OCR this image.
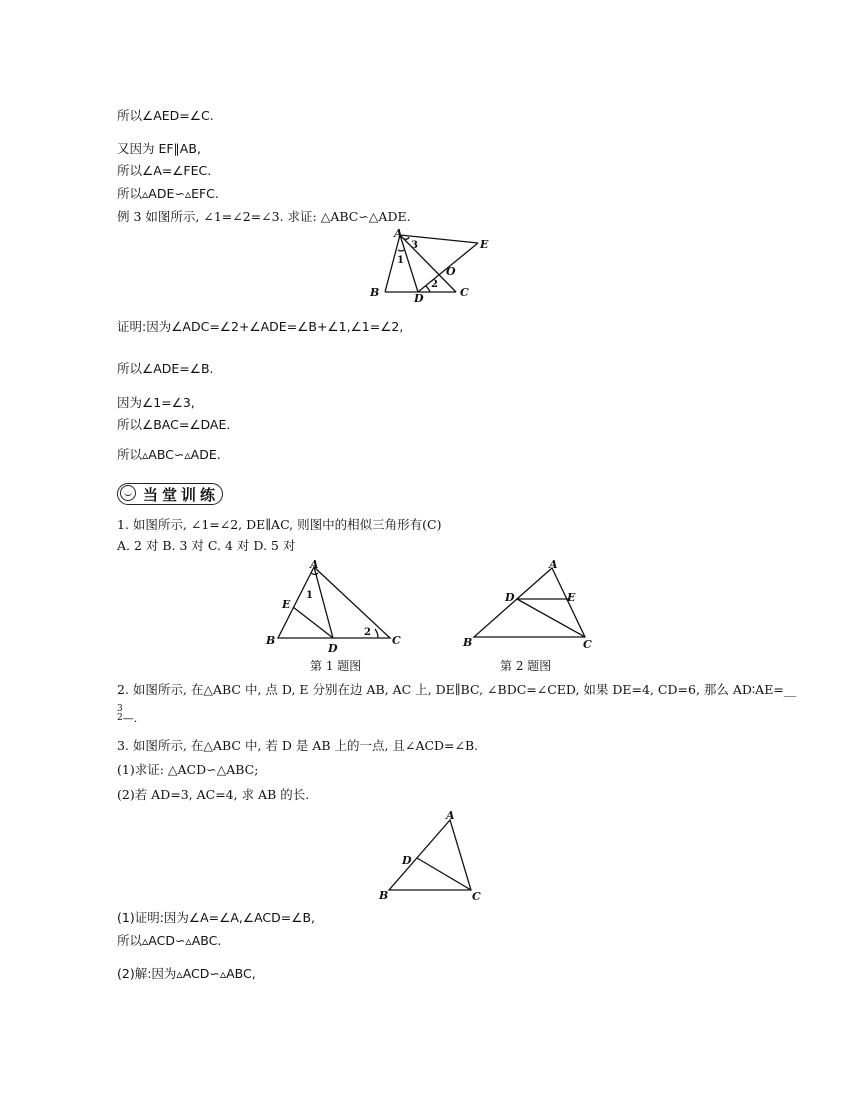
所以∠AED=∠C.
又因为 EF∥AB,
所以∠A=∠FEC.
所以▵ADE∽▵EFC.
例 3 如图所示, ∠1=∠2=∠3. 求证: △ABC∽△ADE.
A
E
B	D	C
O
1
2
3
证明:因为∠ADC=∠2+∠ADE=∠B+∠1,∠1=∠2,
所以∠ADE=∠B.
因为∠1=∠3,
所以∠BAC=∠DAE.
所以▵ABC∽▵ADE.
当堂训练
1. 如图所示, ∠1=∠2, DE∥AC, 则图中的相似三角形有(C)
A. 2 对 B. 3 对 C. 4 对 D. 5 对
A
E
B
D
C
1
2
A
D	E
B	C
第 1 题图	第 2 题图
2. 如图所示, 在△ABC 中, 点 D, E 分别在边 AB, AC 上, DE∥BC, ∠BDC=∠CED, 如果 DE=4, CD=6, 那么 AD∶AE=__
3
2 —.
3. 如图所示, 在△ABC 中, 若 D 是 AB 上的一点, 且∠ACD=∠B.
(1)求证: △ACD∽△ABC;
(2)若 AD=3, AC=4, 求 AB 的长.
A
D
B	C
(1)证明:因为∠A=∠A,∠ACD=∠B,
所以▵ACD∽▵ABC.
(2)解:因为▵ACD∽▵ABC,
